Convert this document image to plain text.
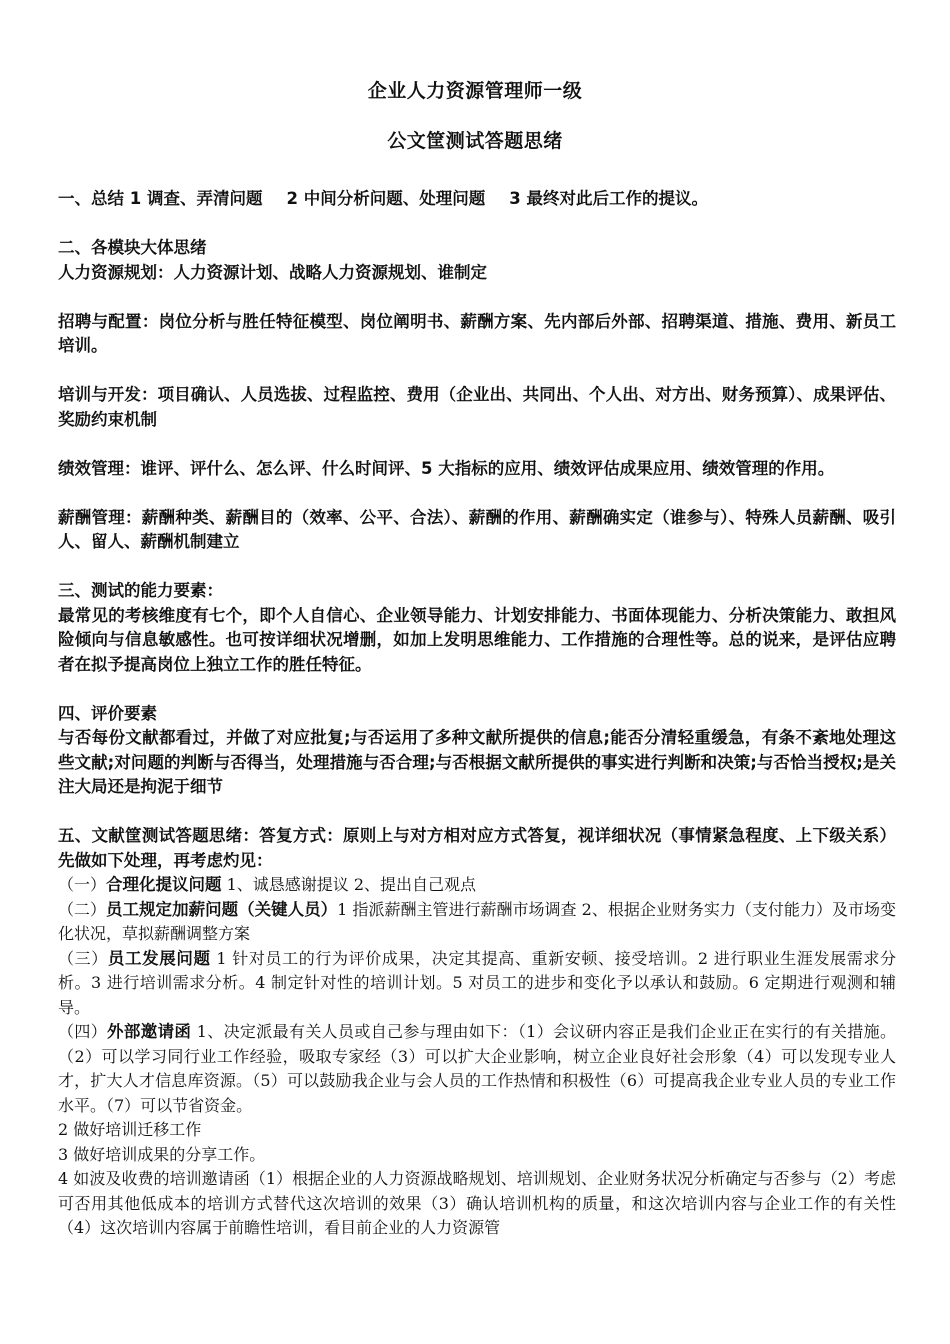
企业人力资源管理师一级
公文筐测试答题思绪

一、总结 1 调查、弄清问题 2 中间分析问题、处理问题 3 最终对此后工作的提议。

二、各模块大体思绪

人力资源规划：人力资源计划、战略人力资源规划、谁制定

招聘与配置：岗位分析与胜任特征模型、岗位阐明书、薪酬方案、先内部后外部、招聘渠道、措施、费用、新员工培训。

培训与开发：项目确认、人员选拔、过程监控、费用（企业出、共同出、个人出、对方出、财务预算）、成果评估、奖励约束机制

绩效管理：谁评、评什么、怎么评、什么时间评、5 大指标的应用、绩效评估成果应用、绩效管理的作用。

薪酬管理：薪酬种类、薪酬目的（效率、公平、合法）、薪酬的作用、薪酬确实定（谁参与）、特殊人员薪酬、吸引人、留人、薪酬机制建立

三、测试的能力要素：

最常见的考核维度有七个，即个人自信心、企业领导能力、计划安排能力、书面体现能力、分析决策能力、敢担风险倾向与信息敏感性。也可按详细状况增删，如加上发明思维能力、工作措施的合理性等。总的说来，是评估应聘者在拟予提高岗位上独立工作的胜任特征。

四、评价要素

与否每份文献都看过，并做了对应批复;与否运用了多种文献所提供的信息;能否分清轻重缓急，有条不紊地处理这些文献;对问题的判断与否得当，处理措施与否合理;与否根据文献所提供的事实进行判断和决策;与否恰当授权;是关注大局还是拘泥于细节

五、文献筐测试答题思绪：答复方式：原则上与对方相对应方式答复，视详细状况（事情紧急程度、上下级关系）先做如下处理，再考虑灼见：

（一）合理化提议问题 1、诚恳感谢提议 2、提出自己观点

（二）员工规定加薪问题（关键人员）1 指派薪酬主管进行薪酬市场调查 2、根据企业财务实力（支付能力）及市场变化状况，草拟薪酬调整方案

（三）员工发展问题 1 针对员工的行为评价成果，决定其提高、重新安顿、接受培训。2 进行职业生涯发展需求分析。3 进行培训需求分析。4 制定针对性的培训计划。5 对员工的进步和变化予以承认和鼓励。6 定期进行观测和辅导。

（四）外部邀请函 1、决定派最有关人员或自己参与理由如下：（1）会议研内容正是我们企业正在实行的有关措施。（2）可以学习同行业工作经验，吸取专家经（3）可以扩大企业影响，树立企业良好社会形象（4）可以发现专业人才，扩大人才信息库资源。（5）可以鼓励我企业与会人员的工作热情和积极性（6）可提高我企业专业人员的专业工作水平。（7）可以节省资金。

2 做好培训迁移工作

3 做好培训成果的分享工作。

4 如波及收费的培训邀请函（1）根据企业的人力资源战略规划、培训规划、企业财务状况分析确定与否参与（2）考虑可否用其他低成本的培训方式替代这次培训的效果（3）确认培训机构的质量，和这次培训内容与企业工作的有关性（4）这次培训内容属于前瞻性培训，看目前企业的人力资源管
